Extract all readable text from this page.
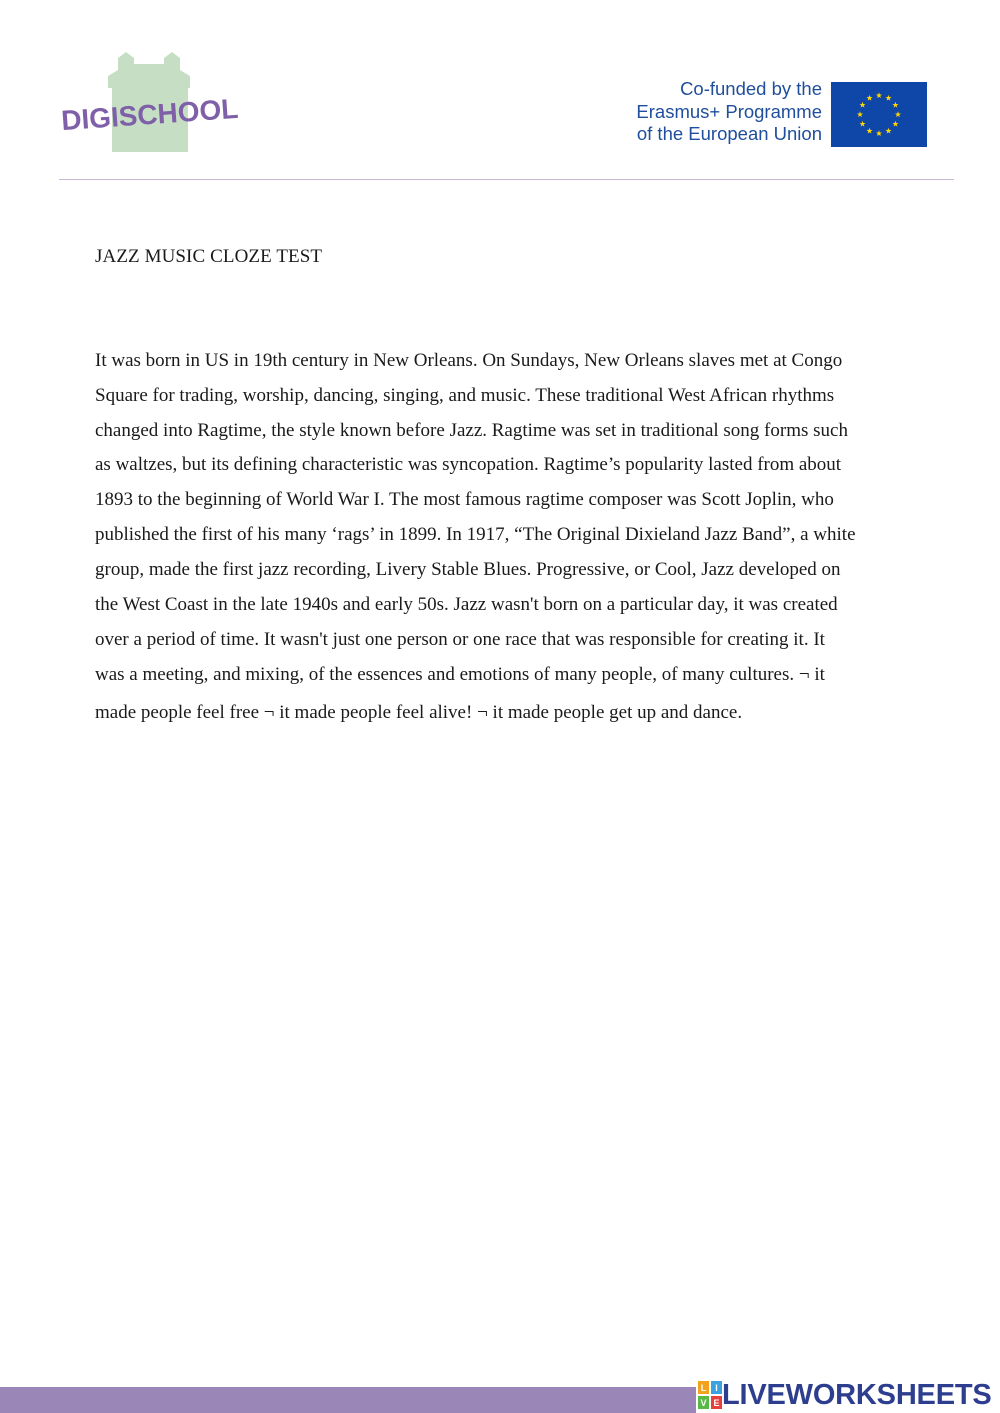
DIGISCHOOL
Co-funded by the
Erasmus+ Programme
of the European Union
JAZZ MUSIC CLOZE TEST
It was born in US in 19th century in New Orleans. On Sundays, New Orleans slaves met at Congo
Square for trading, worship, dancing, singing, and music. These traditional West African rhythms
changed into Ragtime, the style known before Jazz. Ragtime was set in traditional song forms such
as waltzes, but its defining characteristic was syncopation. Ragtime’s popularity lasted from about
1893 to the beginning of World War I. The most famous ragtime composer was Scott Joplin, who
published the first of his many ‘rags’ in 1899. In 1917, “The Original Dixieland Jazz Band”, a white
group, made the first jazz recording, Livery Stable Blues. Progressive, or Cool, Jazz developed on
the West Coast in the late 1940s and early 50s. Jazz wasn't born on a particular day, it was created
over a period of time. It wasn't just one person or one race that was responsible for creating it. It
was a meeting, and mixing, of the essences and emotions of many people, of many cultures. ¬ it
made people feel free ¬ it made people feel alive! ¬ it made people get up and dance.
L I
V E LIVEWORKSHEETS
